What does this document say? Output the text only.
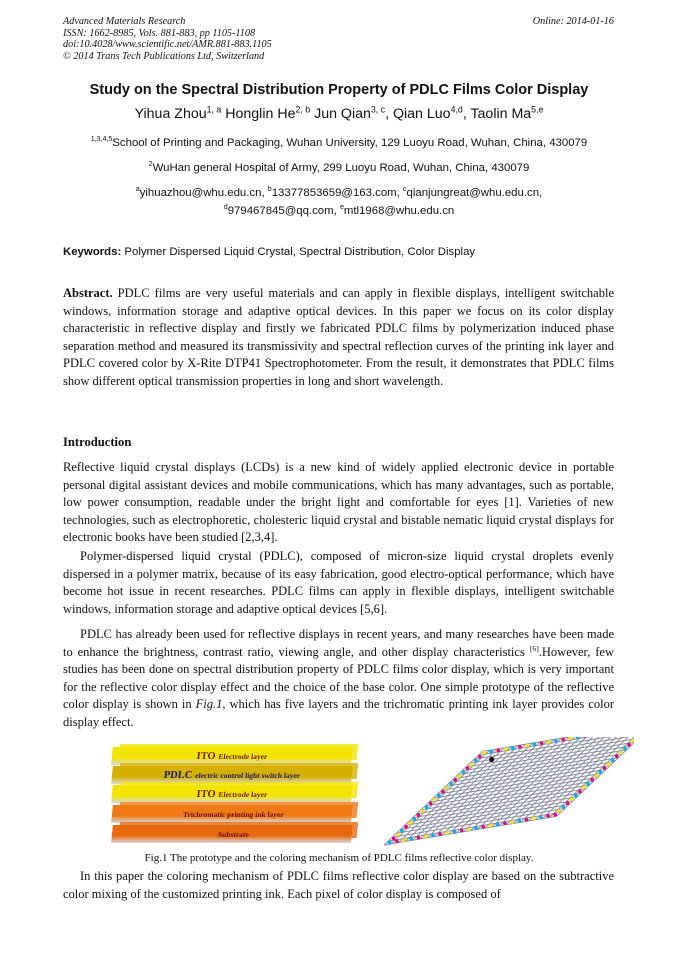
Advanced Materials Research
ISSN: 1662-8985, Vols. 881-883, pp 1105-1108
doi:10.4028/www.scientific.net/AMR.881-883.1105
© 2014 Trans Tech Publications Ltd, Switzerland
Online: 2014-01-16
Study on the Spectral Distribution Property of PDLC Films Color Display
Yihua Zhou$^{1, a}$ Honglin He$^{2, b}$ Jun Qian$^{3, c}$, Qian Luo$^{4,d}$, Taolin Ma$^{5,e}$
$^{1,3,4,5}$School of Printing and Packaging, Wuhan University, 129 Luoyu Road, Wuhan, China, 430079
$^2$WuHan general Hospital of Army, 299 Luoyu Road, Wuhan, China, 430079
$^a$yihuazhou@whu.edu.cn, $^b$13377853659@163.com, $^c$qianjungreat@whu.edu.cn,
$^d$979467845@qq.com, $^e$mtl1968@whu.edu.cn
Keywords: Polymer Dispersed Liquid Crystal, Spectral Distribution, Color Display

Abstract. PDLC films are very useful materials and can apply in flexible displays, intelligent switchable windows, information storage and adaptive optical devices. In this paper we focus on its color display characteristic in reflective display and firstly we fabricated PDLC films by polymerization induced phase separation method and measured its transmissivity and spectral reflection curves of the printing ink layer and PDLC covered color by X-Rite DTP41 Spectrophotometer. From the result, it demonstrates that PDLC films show different optical transmission properties in long and short wavelength.

Introduction

Reflective liquid crystal displays (LCDs) is a new kind of widely applied electronic device in portable personal digital assistant devices and mobile communications, which has many advantages, such as portable, low power consumption, readable under the bright light and comfortable for eyes [1]. Varieties of new technologies, such as electrophoretic, cholesteric liquid crystal and bistable nematic liquid crystal displays for electronic books have been studied [2,3,4].

Polymer-dispersed liquid crystal (PDLC), composed of micron-size liquid crystal droplets evenly dispersed in a polymer matrix, because of its easy fabrication, good electro-optical performance, which have become hot issue in recent researches. PDLC films can apply in flexible displays, intelligent switchable windows, information storage and adaptive optical devices [5,6].

PDLC has already been used for reflective displays in recent years, and many researches have been made to enhance the brightness, contrast ratio, viewing angle, and other display characteristics [6].However, few studies has been done on spectral distribution property of PDLC films color display, which is very important for the reflective color display effect and the choice of the base color. One simple prototype of the reflective color display is shown in Fig.1, which has five layers and the trichromatic printing ink layer provides color display effect.

ITO Electrode layer
PDLC electric control light switch layer
ITO Electrode layer
Trichromatic printing ink layer
Substrate
Fig.1 The prototype and the coloring mechanism of PDLC films reflective color display.

In this paper the coloring mechanism of PDLC films reflective color display are based on the subtractive color mixing of the customized printing ink. Each pixel of color display is composed of
